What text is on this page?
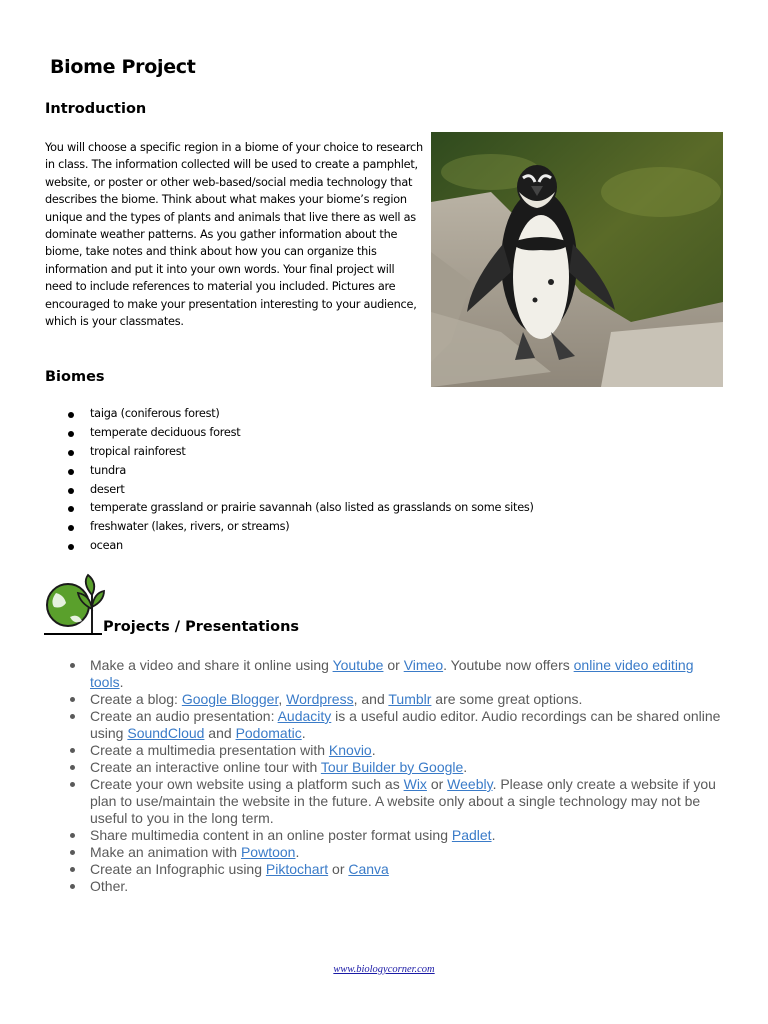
Biome Project
Introduction

You will choose a specific region in a biome of your choice to research in class. The information collected will be used to create a pamphlet, website, or poster or other web-based/social media technology that describes the biome. Think about what makes your biome’s region unique and the types of plants and animals that live there as well as dominate weather patterns. As you gather information about the biome, take notes and think about how you can organize this information and put it into your own words. Your final project will need to include references to material you included. Pictures are encouraged to make your presentation interesting to your audience, which is your classmates.

Biomes
taiga (coniferous forest)
temperate deciduous forest
tropical rainforest
tundra
desert
temperate grassland or prairie savannah (also listed as grasslands on some sites)
freshwater (lakes, rivers, or streams)
ocean
Projects / Presentations
Make a video and share it online using Youtube or Vimeo. Youtube now offers online video editing tools.
Create a blog: Google Blogger, Wordpress, and Tumblr are some great options.
Create an audio presentation: Audacity is a useful audio editor. Audio recordings can be shared online using SoundCloud and Podomatic.
Create a multimedia presentation with Knovio.
Create an interactive online tour with Tour Builder by Google.
Create your own website using a platform such as Wix or Weebly. Please only create a website if you plan to use/maintain the website in the future. A website only about a single technology may not be useful to you in the long term.
Share multimedia content in an online poster format using Padlet.
Make an animation with Powtoon.
Create an Infographic using Piktochart or Canva
Other.
www.biologycorner.com
